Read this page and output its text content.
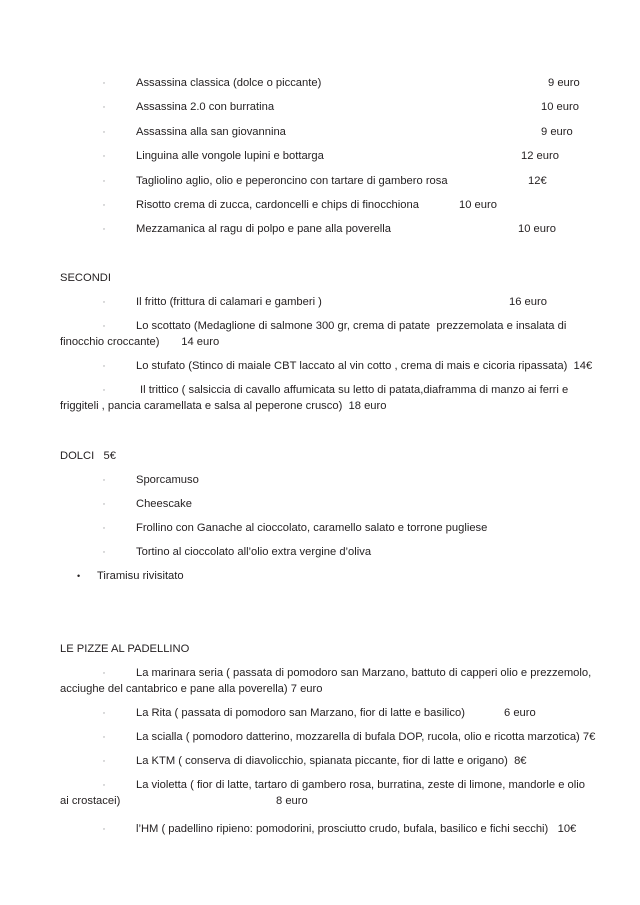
◦
Assassina classica (dolce o piccante)	9 euro
◦
Assassina 2.0 con burratina	10 euro
◦
Assassina alla san giovannina	9 euro
◦
Linguina alle vongole lupini e bottarga	12 euro
◦
Tagliolino aglio, olio e peperoncino con tartare di gambero rosa	12€
◦
Risotto crema di zucca, cardoncelli e chips di finocchiona	10 euro
◦
Mezzamanica al ragu di polpo e pane alla poverella	10 euro
SECONDI
◦
Il fritto (frittura di calamari e gamberi )	16 euro
◦
Lo scottato (Medaglione di salmone 300 gr, crema di patate  prezzemolata e insalata di
finocchio croccante)       14 euro
◦
Lo stufato (Stinco di maiale CBT laccato al vin cotto , crema di mais e cicoria ripassata)  14€
◦
Il trittico ( salsiccia di cavallo affumicata su letto di patata,diaframma di manzo ai ferri e
friggiteli , pancia caramellata e salsa al peperone crusco)  18 euro
DOLCI   5€
◦
Sporcamuso
◦
Cheescake
◦
Frollino con Ganache al cioccolato, caramello salato e torrone pugliese
◦
Tortino al cioccolato all’olio extra vergine d’oliva
•
Tiramisu rivisitato
LE PIZZE AL PADELLINO
◦
La marinara seria ( passata di pomodoro san Marzano, battuto di capperi olio e prezzemolo,
acciughe del cantabrico e pane alla poverella) 7 euro
◦
La Rita ( passata di pomodoro san Marzano, fior di latte e basilico)	6 euro
◦
La scialla ( pomodoro datterino, mozzarella di bufala DOP, rucola, olio e ricotta marzotica) 7€
◦
La KTM ( conserva di diavolicchio, spianata piccante, fior di latte e origano)  8€
◦
La violetta ( fior di latte, tartaro di gambero rosa, burratina, zeste di limone, mandorle e olio
ai crostacei)	8 euro
◦
l’HM ( padellino ripieno: pomodorini, prosciutto crudo, bufala, basilico e fichi secchi)   10€
